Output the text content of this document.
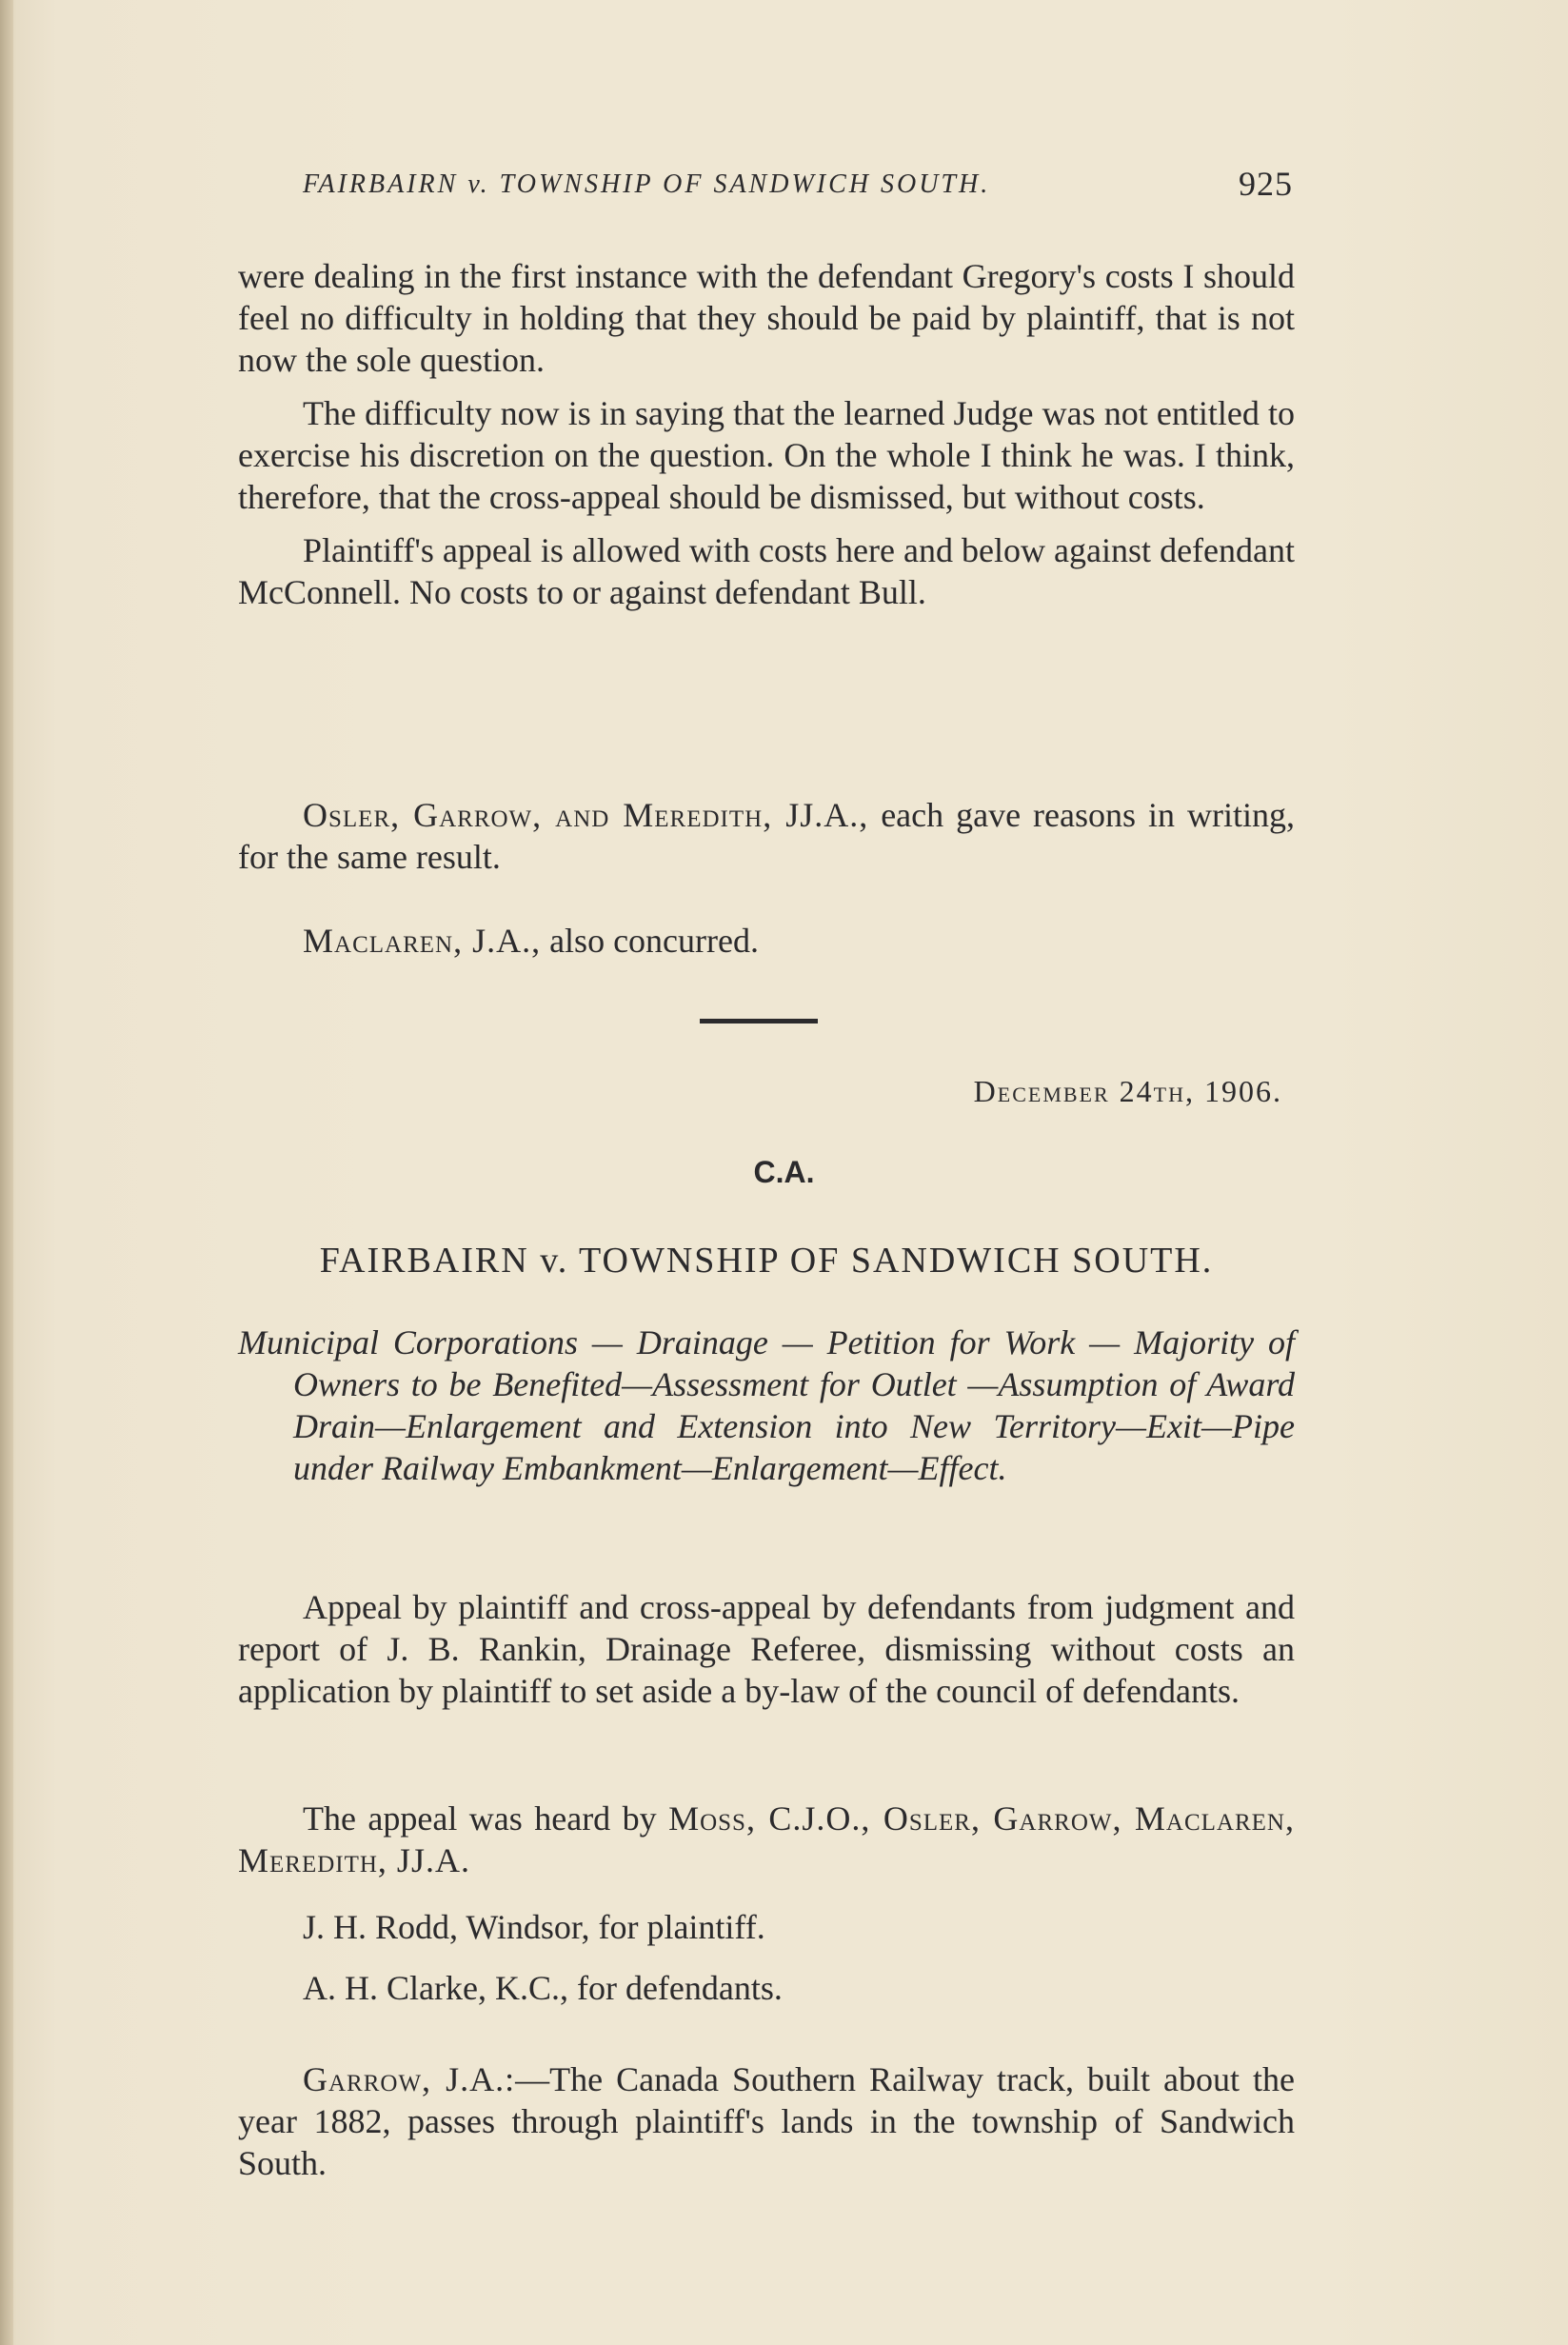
FAIRBAIRN v. TOWNSHIP OF SANDWICH SOUTH.	925

were dealing in the first instance with the defendant Gregory's costs I should feel no difficulty in holding that they should be paid by plaintiff, that is not now the sole question.

The difficulty now is in saying that the learned Judge was not entitled to exercise his discretion on the question. On the whole I think he was. I think, therefore, that the cross-appeal should be dismissed, but without costs.

Plaintiff's appeal is allowed with costs here and below against defendant McConnell. No costs to or against defendant Bull.

Osler, Garrow, and Meredith, JJ.A., each gave reasons in writing, for the same result.

Maclaren, J.A., also concurred.

December 24th, 1906.
C.A.
FAIRBAIRN v. TOWNSHIP OF SANDWICH SOUTH.
Municipal Corporations — Drainage — Petition for Work — Majority of Owners to be Benefited—Assessment for Outlet —Assumption of Award Drain—Enlargement and Extension into New Territory—Exit—Pipe under Railway Embankment—Enlargement—Effect.

Appeal by plaintiff and cross-appeal by defendants from judgment and report of J. B. Rankin, Drainage Referee, dismissing without costs an application by plaintiff to set aside a by-law of the council of defendants.

The appeal was heard by Moss, C.J.O., Osler, Garrow, Maclaren, Meredith, JJ.A.

J. H. Rodd, Windsor, for plaintiff.

A. H. Clarke, K.C., for defendants.

Garrow, J.A.:—The Canada Southern Railway track, built about the year 1882, passes through plaintiff's lands in the township of Sandwich South.
